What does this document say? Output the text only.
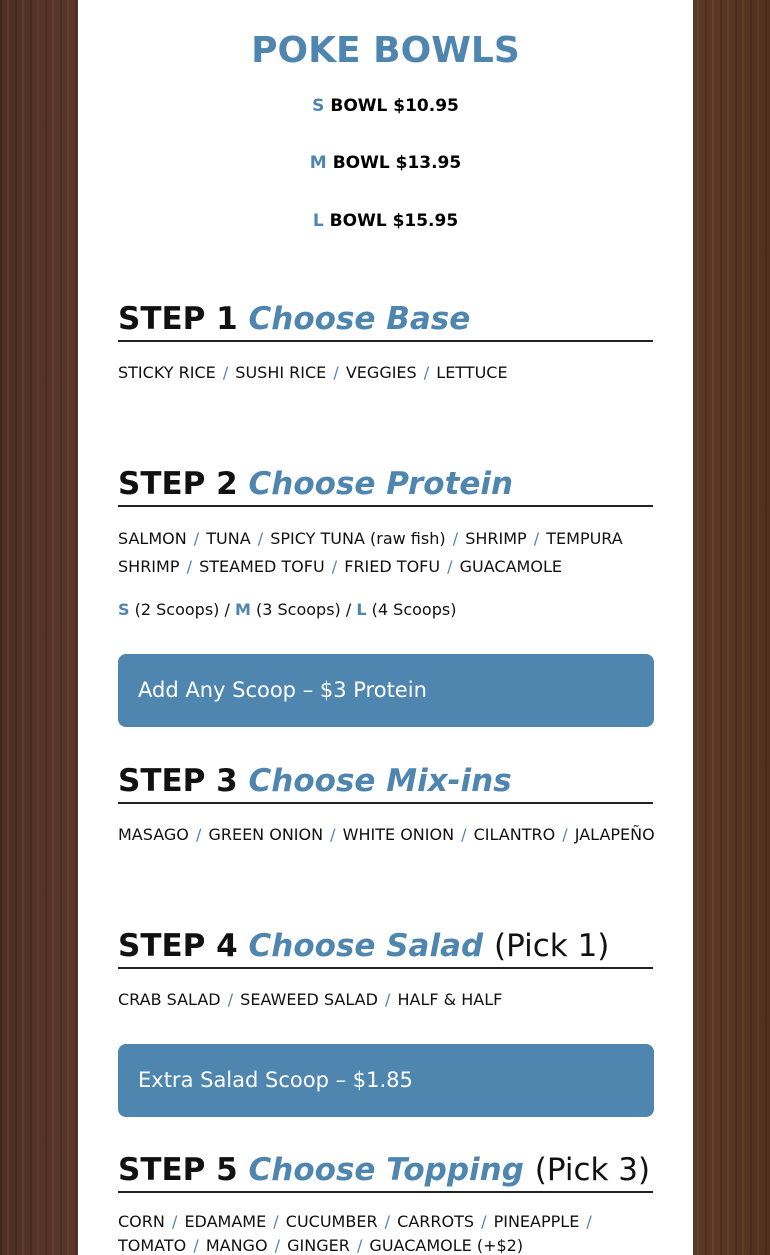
POKE BOWLS
S BOWL $10.95
M BOWL $13.95
L BOWL $15.95
STEP 1 Choose Base
STICKY RICE / SUSHI RICE / VEGGIES / LETTUCE
STEP 2 Choose Protein
SALMON / TUNA / SPICY TUNA (raw fish) / SHRIMP / TEMPURA SHRIMP / STEAMED TOFU / FRIED TOFU / GUACAMOLE
S (2 Scoops) / M (3 Scoops) / L (4 Scoops)
Add Any Scoop – $3 Protein
STEP 3 Choose Mix-ins
MASAGO / GREEN ONION / WHITE ONION / CILANTRO / JALAPEÑO
STEP 4 Choose Salad (Pick 1)
CRAB SALAD / SEAWEED SALAD / HALF & HALF
Extra Salad Scoop – $1.85
STEP 5 Choose Topping (Pick 3)
CORN / EDAMAME / CUCUMBER / CARROTS / PINEAPPLE / TOMATO / MANGO / GINGER / GUACAMOLE (+$2)
